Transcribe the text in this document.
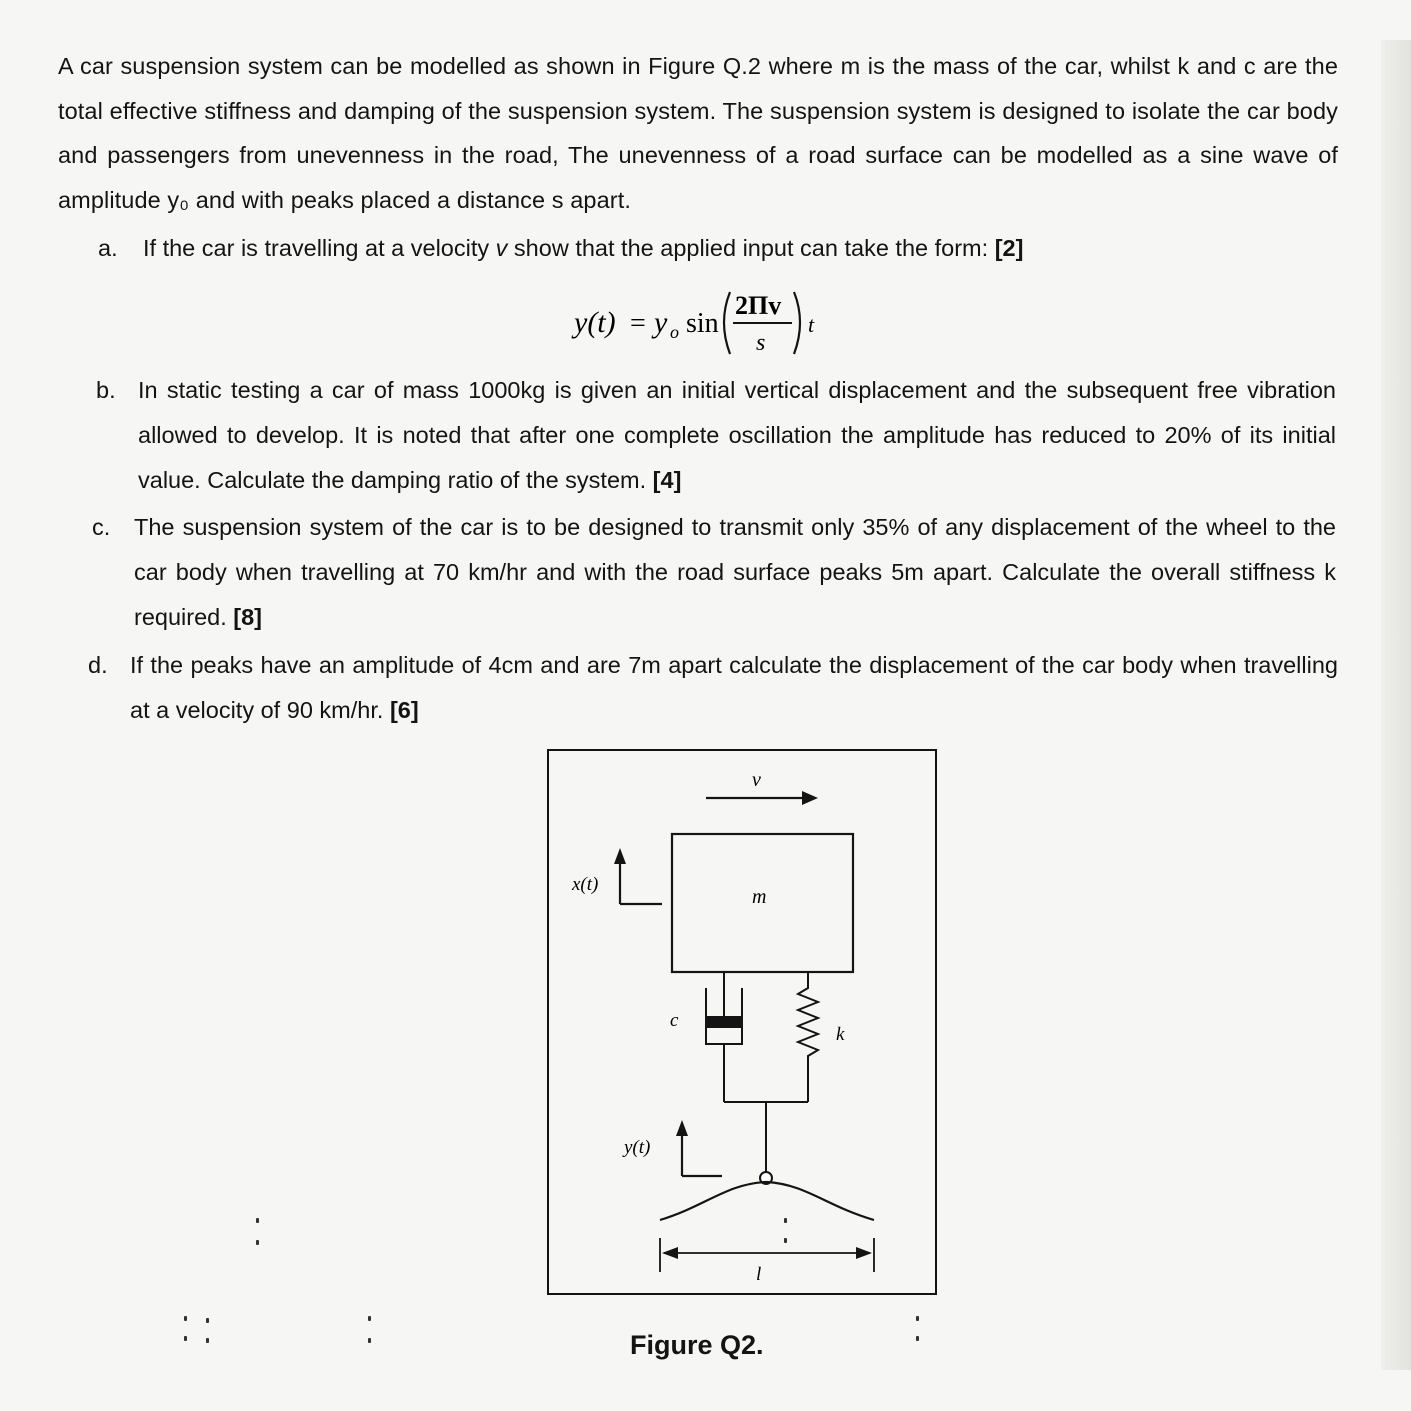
A car suspension system can be modelled as shown in Figure Q.2 where m is the mass of the car, whilst k and c are the total effective stiffness and damping of the suspension system. The suspension system is designed to isolate the car body and passengers from unevenness in the road, The unevenness of a road surface can be modelled as a sine wave of amplitude y₀ and with peaks placed a distance s apart.
a. If the car is travelling at a velocity v show that the applied input can take the form: [2]
y(t) = y o sin
2Πv
s
t
b. In static testing a car of mass 1000kg is given an initial vertical displacement and the subsequent free vibration allowed to develop. It is noted that after one complete oscillation the amplitude has reduced to 20% of its initial value. Calculate the damping ratio of the system. [4]
c. The suspension system of the car is to be designed to transmit only 35% of any displacement of the wheel to the car body when travelling at 70 km/hr and with the road surface peaks 5m apart. Calculate the overall stiffness k required. [8]
d. If the peaks have an amplitude of 4cm and are 7m apart calculate the displacement of the car body when travelling at a velocity of 90 km/hr. [6]
v
m
x(t)
c
k
y(t)
l
Figure Q2.
